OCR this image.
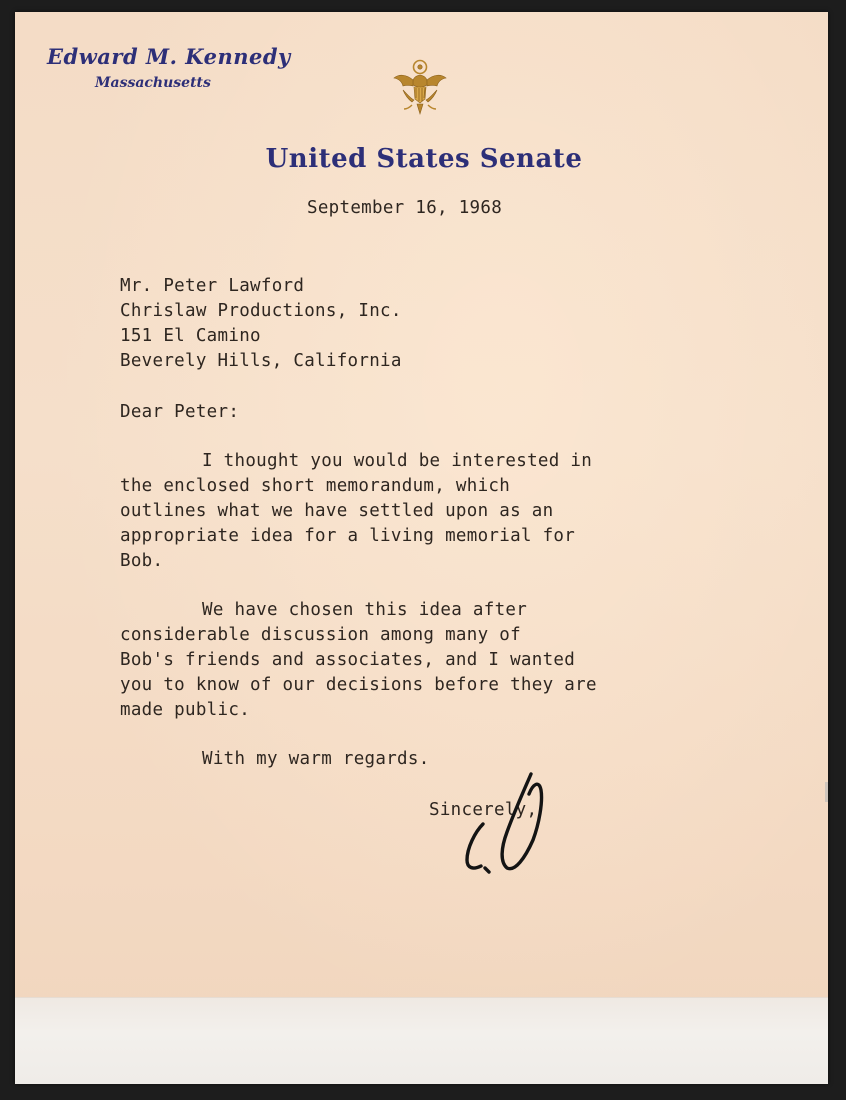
Edward M. Kennedy
Massachusetts
United States Senate

September 16, 1968

Mr. Peter Lawford

Chrislaw Productions, Inc.

151 El Camino

Beverely Hills, California

Dear Peter:

I thought you would be interested in

the enclosed short memorandum, which

outlines what we have settled upon as an

appropriate idea for a living memorial for

Bob.

We have chosen this idea after

considerable discussion among many of

Bob's friends and associates, and I wanted

you to know of our decisions before they are

made public.

With my warm regards.

Sincerely,
